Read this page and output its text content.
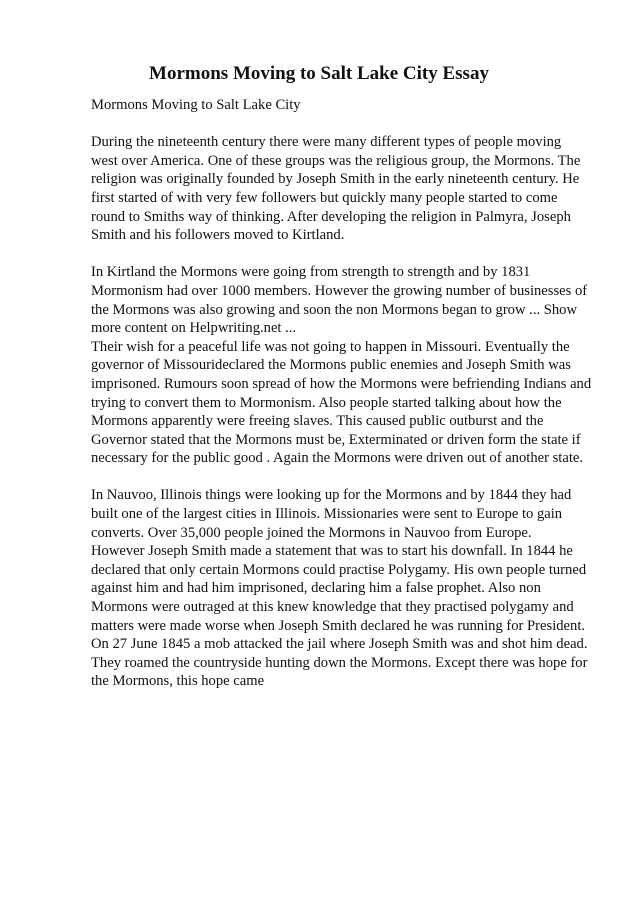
Mormons Moving to Salt Lake City Essay
Mormons Moving to Salt Lake City
During the nineteenth century there were many different types of people moving
west over America. One of these groups was the religious group, the Mormons. The
religion was originally founded by Joseph Smith in the early nineteenth century. He
first started of with very few followers but quickly many people started to come
round to Smiths way of thinking. After developing the religion in Palmyra, Joseph
Smith and his followers moved to Kirtland.
In Kirtland the Mormons were going from strength to strength and by 1831
Mormonism had over 1000 members. However the growing number of businesses of
the Mormons was also growing and soon the non Mormons began to grow ... Show
more content on Helpwriting.net ...
Their wish for a peaceful life was not going to happen in Missouri. Eventually the
governor of Missourideclared the Mormons public enemies and Joseph Smith was
imprisoned. Rumours soon spread of how the Mormons were befriending Indians and
trying to convert them to Mormonism. Also people started talking about how the
Mormons apparently were freeing slaves. This caused public outburst and the
Governor stated that the Mormons must be, Exterminated or driven form the state if
necessary for the public good . Again the Mormons were driven out of another state.
In Nauvoo, Illinois things were looking up for the Mormons and by 1844 they had
built one of the largest cities in Illinois. Missionaries were sent to Europe to gain
converts. Over 35,000 people joined the Mormons in Nauvoo from Europe.
However Joseph Smith made a statement that was to start his downfall. In 1844 he
declared that only certain Mormons could practise Polygamy. His own people turned
against him and had him imprisoned, declaring him a false prophet. Also non
Mormons were outraged at this knew knowledge that they practised polygamy and
matters were made worse when Joseph Smith declared he was running for President.
On 27 June 1845 a mob attacked the jail where Joseph Smith was and shot him dead.
They roamed the countryside hunting down the Mormons. Except there was hope for
the Mormons, this hope came
